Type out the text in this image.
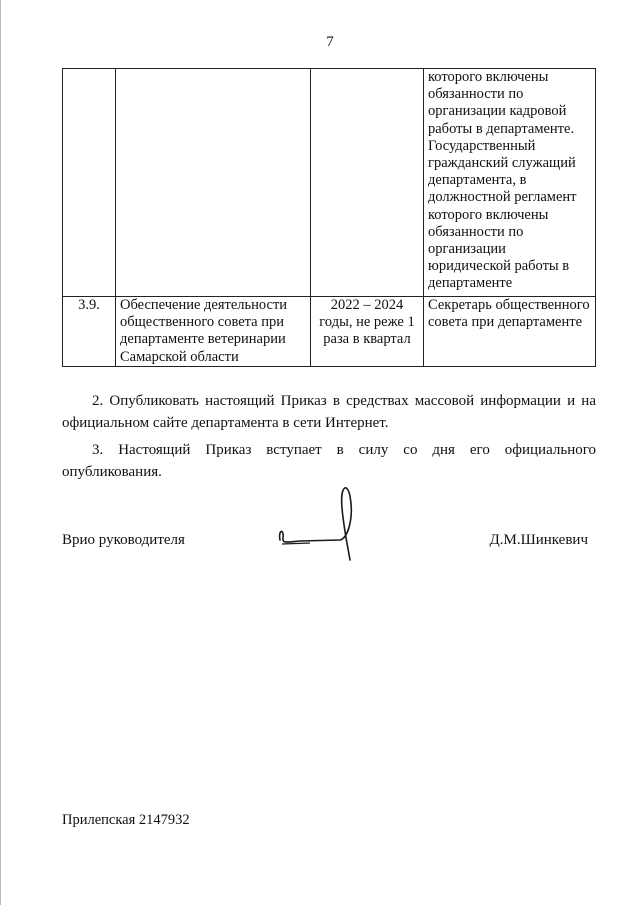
7
			которого включены обязанности по организации кадровой работы в департаменте. Государственный гражданский служащий департамента, в должностной регламент которого включены обязанности по организации юридической работы в департаменте
3.9.	Обеспечение деятельности общественного совета при департаменте ветеринарии Самарской области	2022 – 2024 годы, не реже 1 раза в квартал	Секретарь общественного совета при департаменте
2. Опубликовать настоящий Приказ в средствах массовой информации и на официальном сайте департамента в сети Интернет.
3. Настоящий Приказ вступает в силу со дня его официального опубликования.
Врио руководителя	Д.М.Шинкевич
Прилепская 2147932
